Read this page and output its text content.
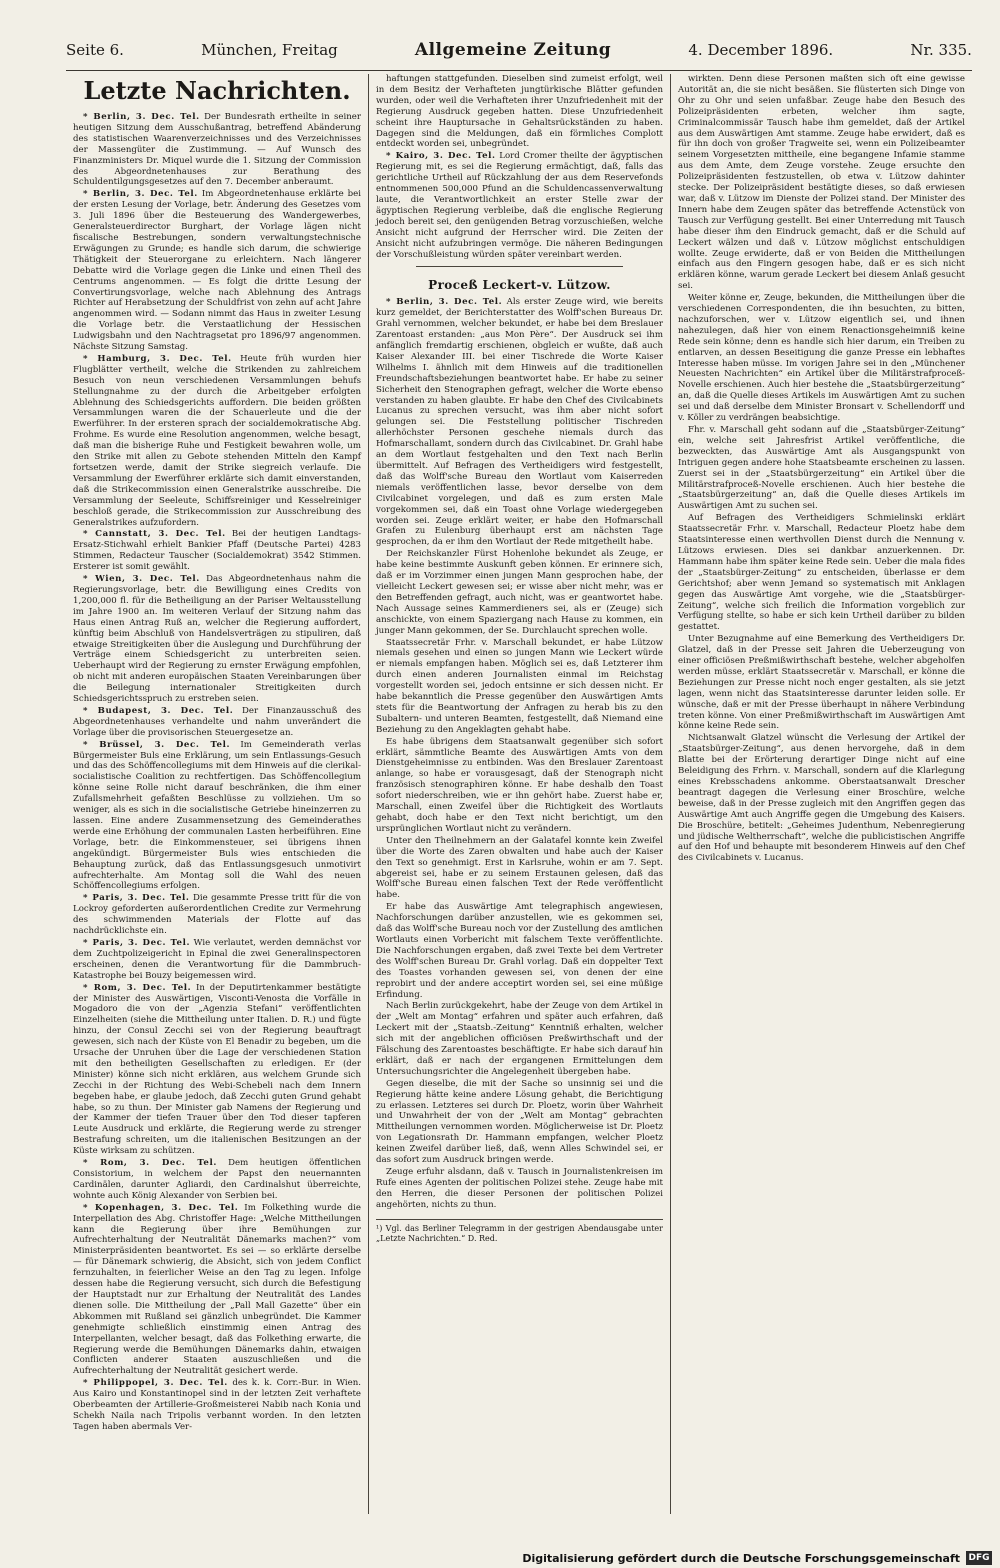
Seite 6.	München, Freitag	Allgemeine Zeitung	4. December 1896.	Nr. 335.
Letzte Nachrichten.

* Berlin, 3. Dec. Tel. Der Bundesrath ertheilte in seiner heutigen Sitzung dem Ausschußantrag, betreffend Abänderung des statistischen Waarenverzeichnisses und des Verzeichnisses der Massengüter die Zustimmung. — Auf Wunsch des Finanzministers Dr. Miquel wurde die 1. Sitzung der Commission des Abgeordnetenhauses zur Berathung des Schuldentilgungsgesetzes auf den 7. December anberaumt.

* Berlin, 3. Dec. Tel. Im Abgeordnetenhause erklärte bei der ersten Lesung der Vorlage, betr. Änderung des Gesetzes vom 3. Juli 1896 über die Besteuerung des Wandergewerbes, Generalsteuerdirector Burghart, der Vorlage lägen nicht fiscalische Bestrebungen, sondern verwaltungstechnische Erwägungen zu Grunde; es handle sich darum, die schwierige Thätigkeit der Steuerorgane zu erleichtern. Nach längerer Debatte wird die Vorlage gegen die Linke und einen Theil des Centrums angenommen. — Es folgt die dritte Lesung der Convertirungsvorlage, welche nach Ablehnung des Antrags Richter auf Herabsetzung der Schuldfrist von zehn auf acht Jahre angenommen wird. — Sodann nimmt das Haus in zweiter Lesung die Vorlage betr. die Verstaatlichung der Hessischen Ludwigsbahn und den Nachtragsetat pro 1896/97 angenommen. Nächste Sitzung Samstag.

* Hamburg, 3. Dec. Tel. Heute früh wurden hier Flugblätter vertheilt, welche die Strikenden zu zahlreichem Besuch von neun verschiedenen Versammlungen behufs Stellungnahme zu der durch die Arbeitgeber erfolgten Ablehnung des Schiedsgerichts auffordern. Die beiden größten Versammlungen waren die der Schauerleute und die der Ewerführer. In der ersteren sprach der socialdemokratische Abg. Frohme. Es wurde eine Resolution angenommen, welche besagt, daß man die bisherige Ruhe und Festigkeit bewahren wolle, um den Strike mit allen zu Gebote stehenden Mitteln den Kampf fortsetzen werde, damit der Strike siegreich verlaufe. Die Versammlung der Ewerführer erklärte sich damit einverstanden, daß die Strikecommission einen Generalstrike ausschreibe. Die Versammlung der Seeleute, Schiffsreiniger und Kesselreiniger beschloß gerade, die Strikecommission zur Ausschreibung des Generalstrikes aufzufordern.

* Cannstatt, 3. Dec. Tel. Bei der heutigen Landtags-Ersatz-Stichwahl erhielt Bankier Pfaff (Deutsche Partei) 4283 Stimmen, Redacteur Tauscher (Socialdemokrat) 3542 Stimmen. Ersterer ist somit gewählt.

* Wien, 3. Dec. Tel. Das Abgeordnetenhaus nahm die Regierungsvorlage, betr. die Bewilligung eines Credits von 1,200,000 fl. für die Betheiligung an der Pariser Weltausstellung im Jahre 1900 an. Im weiteren Verlauf der Sitzung nahm das Haus einen Antrag Ruß an, welcher die Regierung auffordert, künftig beim Abschluß von Handelsverträgen zu stipuliren, daß etwaige Streitigkeiten über die Auslegung und Durchführung der Verträge einem Schiedsgericht zu unterbreiten seien. Ueberhaupt wird der Regierung zu ernster Erwägung empfohlen, ob nicht mit anderen europäischen Staaten Vereinbarungen über die Beilegung internationaler Streitigkeiten durch Schiedsgerichtsspruch zu erstreben seien.

* Budapest, 3. Dec. Tel. Der Finanzausschuß des Abgeordnetenhauses verhandelte und nahm unverändert die Vorlage über die provisorischen Steuergesetze an.

* Brüssel, 3. Dec. Tel. Im Gemeinderath verlas Bürgermeister Buls eine Erklärung, um sein Entlassungs-Gesuch und das des Schöffencollegiums mit dem Hinweis auf die clerikal-socialistische Coalition zu rechtfertigen. Das Schöffencollegium könne seine Rolle nicht darauf beschränken, die ihm einer Zufallsmehrheit gefaßten Beschlüsse zu vollziehen. Um so weniger, als es sich in die socialistische Getriebe hineinzerren zu lassen. Eine andere Zusammensetzung des Gemeinderathes werde eine Erhöhung der communalen Lasten herbeiführen. Eine Vorlage, betr. die Einkommensteuer, sei übrigens ihnen angekündigt. Bürgermeister Buls wies entschieden die Behauptung zurück, daß das Entlassungsgesuch unmotivirt aufrechterhalte. Am Montag soll die Wahl des neuen Schöffencollegiums erfolgen.

* Paris, 3. Dec. Tel. Die gesammte Presse tritt für die von Lockroy geforderten außerordentlichen Credite zur Vermehrung des schwimmenden Materials der Flotte auf das nachdrücklichste ein.

* Paris, 3. Dec. Tel. Wie verlautet, werden demnächst vor dem Zuchtpolizeigericht in Epinal die zwei Generalinspectoren erscheinen, denen die Verantwortung für die Dammbruch-Katastrophe bei Bouzy beigemessen wird.

* Rom, 3. Dec. Tel. In der Deputirtenkammer bestätigte der Minister des Auswärtigen, Visconti-Venosta die Vorfälle in Mogadoro die von der „Agenzia Stefani“ veröffentlichten Einzelheiten (siehe die Mittheilung unter Italien. D. R.) und fügte hinzu, der Consul Zecchi sei von der Regierung beauftragt gewesen, sich nach der Küste von El Benadir zu begeben, um die Ursache der Unruhen über die Lage der verschiedenen Station mit den betheiligten Gesellschaften zu erledigen. Er (der Minister) könne sich nicht erklären, aus welchem Grunde sich Zecchi in der Richtung des Webi-Schebeli nach dem Innern begeben habe, er glaube jedoch, daß Zecchi guten Grund gehabt habe, so zu thun. Der Minister gab Namens der Regierung und der Kammer der tiefen Trauer über den Tod dieser tapferen Leute Ausdruck und erklärte, die Regierung werde zu strenger Bestrafung schreiten, um die italienischen Besitzungen an der Küste wirksam zu schützen.

* Rom, 3. Dec. Tel. Dem heutigen öffentlichen Consistorium, in welchem der Papst den neuernannten Cardinälen, darunter Agliardi, den Cardinalshut überreichte, wohnte auch König Alexander von Serbien bei.

* Kopenhagen, 3. Dec. Tel. Im Folkething wurde die Interpellation des Abg. Christoffer Hage: „Welche Mittheilungen kann die Regierung über ihre Bemühungen zur Aufrechterhaltung der Neutralität Dänemarks machen?“ vom Ministerpräsidenten beantwortet. Es sei — so erklärte derselbe — für Dänemark schwierig, die Absicht, sich von jedem Conflict fernzuhalten, in feierlicher Weise an den Tag zu legen. Infolge dessen habe die Regierung versucht, sich durch die Befestigung der Hauptstadt nur zur Erhaltung der Neutralität des Landes dienen solle. Die Mittheilung der „Pall Mall Gazette“ über ein Abkommen mit Rußland sei gänzlich unbegründet. Die Kammer genehmigte schließlich einstimmig einen Antrag des Interpellanten, welcher besagt, daß das Folkething erwarte, die Regierung werde die Bemühungen Dänemarks dahin, etwaigen Conflicten anderer Staaten auszuschließen und die Aufrechterhaltung der Neutralität gesichert werde.

* Philippopel, 3. Dec. Tel. des k. k. Corr.-Bur. in Wien. Aus Kairo und Konstantinopel sind in der letzten Zeit verhaftete Oberbeamten der Artillerie-Großmeisterei Nabib nach Konia und Schekh Naila nach Tripolis verbannt worden. In den letzten Tagen haben abermals Ver-

haftungen stattgefunden. Dieselben sind zumeist erfolgt, weil in dem Besitz der Verhafteten jungtürkische Blätter gefunden wurden, oder weil die Verhafteten ihrer Unzufriedenheit mit der Regierung Ausdruck gegeben hatten. Diese Unzufriedenheit scheint ihre Hauptursache in Gehaltsrückständen zu haben. Dagegen sind die Meldungen, daß ein förmliches Complott entdeckt worden sei, unbegründet.

* Kairo, 3. Dec. Tel. Lord Cromer theilte der ägyptischen Regierung mit, es sei die Regierung ermächtigt, daß, falls das gerichtliche Urtheil auf Rückzahlung der aus dem Reservefonds entnommenen 500,000 Pfund an die Schuldencassenverwaltung laute, die Verantwortlichkeit an erster Stelle zwar der ägyptischen Regierung verbleibe, daß die englische Regierung jedoch bereit sei, den genügenden Betrag vorzuschießen, welche Ansicht nicht aufgrund der Herrscher wird. Die Zeiten der Ansicht nicht aufzubringen vermöge. Die näheren Bedingungen der Vorschußleistung würden später vereinbart werden.

Proceß Leckert-v. Lützow.

* Berlin, 3. Dec. Tel. Als erster Zeuge wird, wie bereits kurz gemeldet, der Berichterstatter des Wolff'schen Bureaus Dr. Grahl vernommen, welcher bekundet, er habe bei dem Breslauer Zarentoast erstanden: „aus Mon Père“. Der Ausdruck sei ihm anfänglich fremdartig erschienen, obgleich er wußte, daß auch Kaiser Alexander III. bei einer Tischrede die Worte Kaiser Wilhelms I. ähnlich mit dem Hinweis auf die traditionellen Freundschaftsbeziehungen beantwortet habe. Er habe zu seiner Sicherheit den Stenographen gefragt, welcher die Worte ebenso verstanden zu haben glaubte. Er habe den Chef des Civilcabinets Lucanus zu sprechen versucht, was ihm aber nicht sofort gelungen sei. Die Feststellung politischer Tischreden allerhöchster Personen geschehe niemals durch das Hofmarschallamt, sondern durch das Civilcabinet. Dr. Grahl habe an dem Wortlaut festgehalten und den Text nach Berlin übermittelt. Auf Befragen des Vertheidigers wird festgestellt, daß das Wolff'sche Bureau den Wortlaut vom Kaiserreden niemals veröffentlichen lasse, bevor derselbe von dem Civilcabinet vorgelegen, und daß es zum ersten Male vorgekommen sei, daß ein Toast ohne Vorlage wiedergegeben worden sei. Zeuge erklärt weiter, er habe den Hofmarschall Grafen zu Eulenburg überhaupt erst am nächsten Tage gesprochen, da er ihm den Wortlaut der Rede mitgetheilt habe.

Der Reichskanzler Fürst Hohenlohe bekundet als Zeuge, er habe keine bestimmte Auskunft geben können. Er erinnere sich, daß er im Vorzimmer einen jungen Mann gesprochen habe, der vielleicht Leckert gewesen sei; er wisse aber nicht mehr, was er den Betreffenden gefragt, auch nicht, was er geantwortet habe. Nach Aussage seines Kammerdieners sei, als er (Zeuge) sich anschickte, von einem Spaziergang nach Hause zu kommen, ein junger Mann gekommen, der Se. Durchlaucht sprechen wolle.

Staatssecretär Frhr. v. Marschall bekundet, er habe Lützow niemals gesehen und einen so jungen Mann wie Leckert würde er niemals empfangen haben. Möglich sei es, daß Letzterer ihm durch einen anderen Journalisten einmal im Reichstag vorgestellt worden sei, jedoch entsinne er sich dessen nicht. Er habe bekanntlich die Presse gegenüber den Auswärtigen Amts stets für die Beantwortung der Anfragen zu herab bis zu den Subaltern- und unteren Beamten, festgestellt, daß Niemand eine Beziehung zu den Angeklagten gehabt habe.

Es habe übrigens dem Staatsanwalt gegenüber sich sofort erklärt, sämmtliche Beamte des Auswärtigen Amts von dem Dienstgeheimnisse zu entbinden. Was den Breslauer Zarentoast anlange, so habe er vorausgesagt, daß der Stenograph nicht französisch stenographiren könne. Er habe deshalb den Toast sofort niederschreiben, wie er ihn gehört habe. Zuerst habe er, Marschall, einen Zweifel über die Richtigkeit des Wortlauts gehabt, doch habe er den Text nicht berichtigt, um den ursprünglichen Wortlaut nicht zu verändern.

Unter den Theilnehmern an der Galatafel konnte kein Zweifel über die Worte des Zaren obwalten und habe auch der Kaiser den Text so genehmigt. Erst in Karlsruhe, wohin er am 7. Sept. abgereist sei, habe er zu seinem Erstaunen gelesen, daß das Wolff'sche Bureau einen falschen Text der Rede veröffentlicht habe.

Er habe das Auswärtige Amt telegraphisch angewiesen, Nachforschungen darüber anzustellen, wie es gekommen sei, daß das Wolff'sche Bureau noch vor der Zustellung des amtlichen Wortlauts einen Vorbericht mit falschem Texte veröffentlichte. Die Nachforschungen ergaben, daß zwei Texte bei dem Vertreter des Wolff'schen Bureau Dr. Grahl vorlag. Daß ein doppelter Text des Toastes vorhanden gewesen sei, von denen der eine reprobirt und der andere acceptirt worden sei, sei eine müßige Erfindung.

Nach Berlin zurückgekehrt, habe der Zeuge von dem Artikel in der „Welt am Montag“ erfahren und später auch erfahren, daß Leckert mit der „Staatsb.-Zeitung“ Kenntniß erhalten, welcher sich mit der angeblichen officiösen Preßwirthschaft und der Fälschung des Zarentoastes beschäftigte. Er habe sich darauf hin erklärt, daß er nach der ergangenen Ermittelungen dem Untersuchungsrichter die Angelegenheit übergeben habe.

Gegen dieselbe, die mit der Sache so unsinnig sei und die Regierung hätte keine andere Lösung gehabt, die Berichtigung zu erlassen. Letzteres sei durch Dr. Ploetz, worin über Wahrheit und Unwahrheit der von der „Welt am Montag“ gebrachten Mittheilungen vernommen worden. Möglicherweise ist Dr. Ploetz von Legationsrath Dr. Hammann empfangen, welcher Ploetz keinen Zweifel darüber ließ, daß, wenn Alles Schwindel sei, er das sofort zum Ausdruck bringen werde.

Zeuge erfuhr alsdann, daß v. Tausch in Journalistenkreisen im Rufe eines Agenten der politischen Polizei stehe. Zeuge habe mit den Herren, die dieser Personen der politischen Polizei angehörten, nichts zu thun.

¹) Vgl. das Berliner Telegramm in der gestrigen Abendausgabe unter „Letzte Nachrichten.“ D. Red.

wirkten. Denn diese Personen maßten sich oft eine gewisse Autorität an, die sie nicht besäßen. Sie flüsterten sich Dinge von Ohr zu Ohr und seien unfaßbar. Zeuge habe den Besuch des Polizeipräsidenten erbeten, welcher ihm sagte, Criminalcommissär Tausch habe ihm gemeldet, daß der Artikel aus dem Auswärtigen Amt stamme. Zeuge habe erwidert, daß es für ihn doch von großer Tragweite sei, wenn ein Polizeibeamter seinem Vorgesetzten mittheile, eine begangene Infamie stamme aus dem Amte, dem Zeuge vorstehe. Zeuge ersuchte den Polizeipräsidenten festzustellen, ob etwa v. Lützow dahinter stecke. Der Polizeipräsident bestätigte dieses, so daß erwiesen war, daß v. Lützow im Dienste der Polizei stand. Der Minister des Innern habe dem Zeugen später das betreffende Actenstück von Tausch zur Verfügung gestellt. Bei einer Unterredung mit Tausch habe dieser ihm den Eindruck gemacht, daß er die Schuld auf Leckert wälzen und daß v. Lützow möglichst entschuldigen wollte. Zeuge erwiderte, daß er von Beiden die Mittheilungen einfach aus den Fingern gesogen habe, daß er es sich nicht erklären könne, warum gerade Leckert bei diesem Anlaß gesucht sei.

Weiter könne er, Zeuge, bekunden, die Mittheilungen über die verschiedenen Correspondenten, die ihn besuchten, zu bitten, nachzuforschen, wer v. Lützow eigentlich sei, und ihnen nahezulegen, daß hier von einem Renactionsgeheimniß keine Rede sein könne; denn es handle sich hier darum, ein Treiben zu entlarven, an dessen Beseitigung die ganze Presse ein lebhaftes Interesse haben müsse. Im vorigen Jahre sei in den „Münchener Neuesten Nachrichten“ ein Artikel über die Militärstrafproceß-Novelle erschienen. Auch hier bestehe die „Staatsbürgerzeitung“ an, daß die Quelle dieses Artikels im Auswärtigen Amt zu suchen sei und daß derselbe dem Minister Bronsart v. Schellendorff und v. Köller zu verdrängen beabsichtige.

Fhr. v. Marschall geht sodann auf die „Staatsbürger-Zeitung“ ein, welche seit Jahresfrist Artikel veröffentliche, die bezweckten, das Auswärtige Amt als Ausgangspunkt von Intriguen gegen andere hohe Staatsbeamte erscheinen zu lassen. Zuerst sei in der „Staatsbürgerzeitung“ ein Artikel über die Militärstrafproceß-Novelle erschienen. Auch hier bestehe die „Staatsbürgerzeitung“ an, daß die Quelle dieses Artikels im Auswärtigen Amt zu suchen sei.

Auf Befragen des Vertheidigers Schmielinski erklärt Staatssecretär Frhr. v. Marschall, Redacteur Ploetz habe dem Staatsinteresse einen werthvollen Dienst durch die Nennung v. Lützows erwiesen. Dies sei dankbar anzuerkennen. Dr. Hammann habe ihm später keine Rede sein. Ueber die mala fides der „Staatsbürger-Zeitung“ zu entscheiden, überlasse er dem Gerichtshof; aber wenn Jemand so systematisch mit Anklagen gegen das Auswärtige Amt vorgehe, wie die „Staatsbürger-Zeitung“, welche sich freilich die Information vorgeblich zur Verfügung stellte, so habe er sich kein Urtheil darüber zu bilden gestattet.

Unter Bezugnahme auf eine Bemerkung des Vertheidigers Dr. Glatzel, daß in der Presse seit Jahren die Ueberzeugung von einer officiösen Preßmißwirthschaft bestehe, welcher abgeholfen werden müsse, erklärt Staatssecretär v. Marschall, er könne die Beziehungen zur Presse nicht noch enger gestalten, als sie jetzt lagen, wenn nicht das Staatsinteresse darunter leiden solle. Er wünsche, daß er mit der Presse überhaupt in nähere Verbindung treten könne. Von einer Preßmißwirthschaft im Auswärtigen Amt könne keine Rede sein.

Nichtsanwalt Glatzel wünscht die Verlesung der Artikel der „Staatsbürger-Zeitung“, aus denen hervorgehe, daß in dem Blatte bei der Erörterung derartiger Dinge nicht auf eine Beleidigung des Frhrn. v. Marschall, sondern auf die Klarlegung eines Krebsschadens ankomme. Oberstaatsanwalt Drescher beantragt dagegen die Verlesung einer Broschüre, welche beweise, daß in der Presse zugleich mit den Angriffen gegen das Auswärtige Amt auch Angriffe gegen die Umgebung des Kaisers. Die Broschüre, betitelt: „Geheimes Judenthum, Nebenregierung und jüdische Weltherrschaft“, welche die publicistischen Angriffe auf den Hof und behaupte mit besonderem Hinweis auf den Chef des Civilcabinets v. Lucanus.

Digitalisierung gefördert durch die Deutsche Forschungsgemeinschaft DFG
